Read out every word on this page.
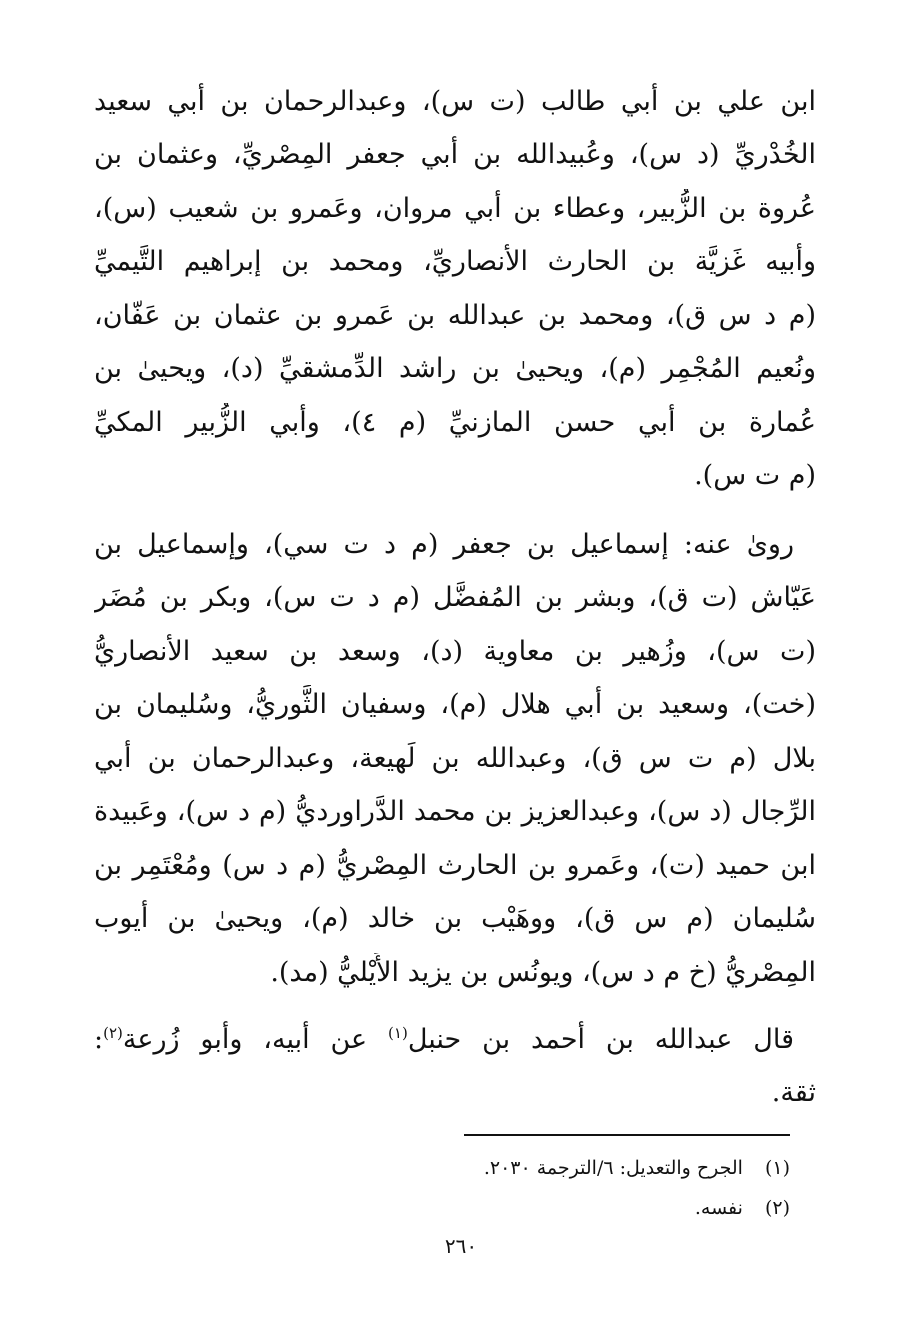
ابن علي بن أبي طالب (ت س)، وعبدالرحمان بن أبي سعيد
الخُدْريِّ (د س)، وعُبيدالله بن أبي جعفر المِصْريِّ، وعثمان بن
عُروة بن الزُّبير، وعطاء بن أبي مروان، وعَمرو بن شعيب (س)،
وأبيه غَزيَّة بن الحارث الأنصاريِّ، ومحمد بن إبراهيم التَّيميِّ
(م د س ق)، ومحمد بن عبدالله بن عَمرو بن عثمان بن عَفّان،
ونُعيم المُجْمِر (م)، ويحيىٰ بن راشد الدِّمشقيِّ (د)، ويحيىٰ بن
عُمارة بن أبي حسن المازنيِّ (م ٤)، وأبي الزُّبير المكيِّ
(م ت س).
روىٰ عنه: إسماعيل بن جعفر (م د ت سي)، وإسماعيل بن
عَيّاش (ت ق)، وبشر بن المُفضَّل (م د ت س)، وبكر بن مُضَر
(ت س)، وزُهير بن معاوية (د)، وسعد بن سعيد الأنصاريُّ
(خت)، وسعيد بن أبي هلال (م)، وسفيان الثَّوريُّ، وسُليمان بن
بلال (م ت س ق)، وعبدالله بن لَهيعة، وعبدالرحمان بن أبي
الرِّجال (د س)، وعبدالعزيز بن محمد الدَّراورديُّ (م د س)، وعَبيدة
ابن حميد (ت)، وعَمرو بن الحارث المِصْريُّ (م د س) ومُعْتَمِر بن
سُليمان (م س ق)، ووهَيْب بن خالد (م)، ويحيىٰ بن أيوب
المِصْريُّ (خ م د س)، ويونُس بن يزيد الأَيْليُّ (مد).
قال عبدالله بن أحمد بن حنبل$^{(١)}$ عن أبيه، وأبو زُرعة$^{(٢)}$:
ثقة.
(١)الجرح والتعديل: ٦/الترجمة ٢٠٣٠.
(٢)نفسه.
٢٦٠
